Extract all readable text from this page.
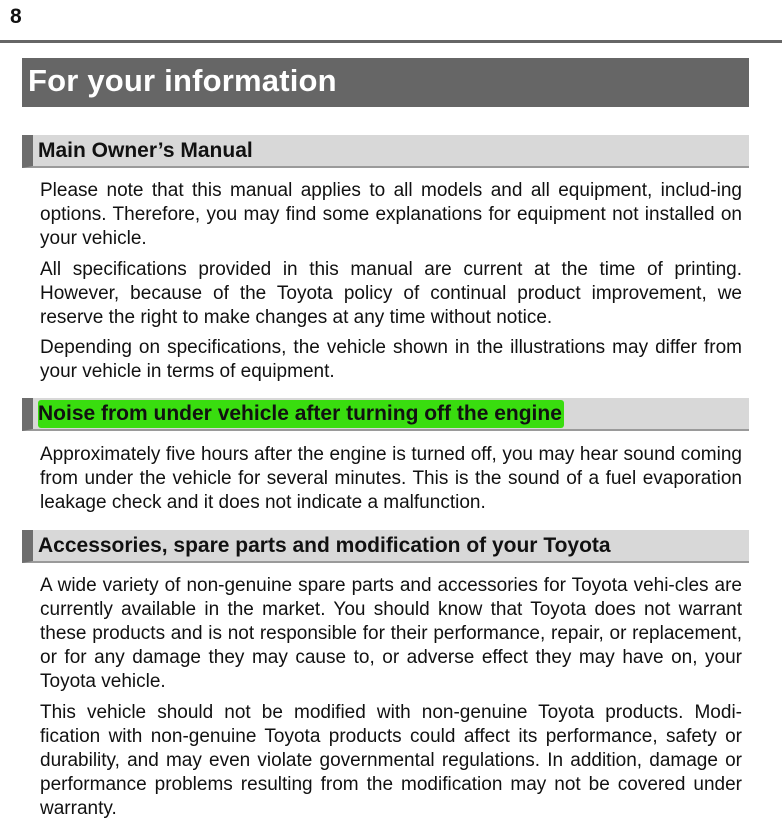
8
For your information
Main Owner’s Manual

Please note that this manual applies to all models and all equipment, includ-ing options. Therefore, you may find some explanations for equipment not installed on your vehicle.

All specifications provided in this manual are current at the time of printing. However, because of the Toyota policy of continual product improvement, we reserve the right to make changes at any time without notice.

Depending on specifications, the vehicle shown in the illustrations may differ from your vehicle in terms of equipment.

Noise from under vehicle after turning off the engine

Approximately five hours after the engine is turned off, you may hear sound coming from under the vehicle for several minutes. This is the sound of a fuel evaporation leakage check and it does not indicate a malfunction.

Accessories, spare parts and modification of your Toyota

A wide variety of non-genuine spare parts and accessories for Toyota vehi-cles are currently available in the market. You should know that Toyota does not warrant these products and is not responsible for their performance, repair, or replacement, or for any damage they may cause to, or adverse effect they may have on, your Toyota vehicle.

This vehicle should not be modified with non-genuine Toyota products. Modi-fication with non-genuine Toyota products could affect its performance, safety or durability, and may even violate governmental regulations. In addition, damage or performance problems resulting from the modification may not be covered under warranty.
